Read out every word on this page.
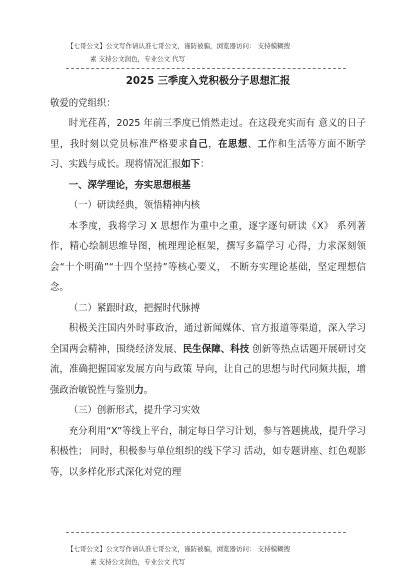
【七哥公文】公文写作请认准七哥公文，谨防被骗，浏览器访问： 支持模糊搜
素 支持公文润色，专业公文 代写
2025 三季度入党积极分子思想汇报
敬爱的党组织：

时光荏苒，2025 年前三季度已悄然走过。在这段充实而有 意义的日子里，我时刻以党员标准严格要求自己，在思想、工作和生活等方面不断学习、实践与成长。现将情况汇报如下：

一、深学理论，夯实思想根基
（一）研读经典，领悟精神内核

本季度，我将学习 X 思想作为重中之重，逐字逐句研读《X》 系列著作，精心绘制思维导图，梳理理论框架，撰写多篇学习 心得，力求深刻领会“十个明确”“十四个坚持”等核心要义， 不断夯实理论基础，坚定理想信念。

（二）紧跟时政，把握时代脉搏

积极关注国内外时事政治，通过新闻媒体、官方报道等渠道，深入学习全国两会精神，围绕经济发展、民生保障、科技 创新等热点话题开展研讨交流，准确把握国家发展方向与政策 导向，让自己的思想与时代同频共振，增强政治敏锐性与鉴别力。

（三）创新形式，提升学习实效

充分利用“X”等线上平台，制定每日学习计划，参与答题挑战，提升学习积极性； 同时，积极参与单位组织的线下学习 活动，如专题讲座、红色观影等，以多样化形式深化对党的理

【七哥公文】公文写作请认准七哥公文，谨防被骗，浏览器访问： 支持模糊搜
素 支持公文润色，专业公文 代写
